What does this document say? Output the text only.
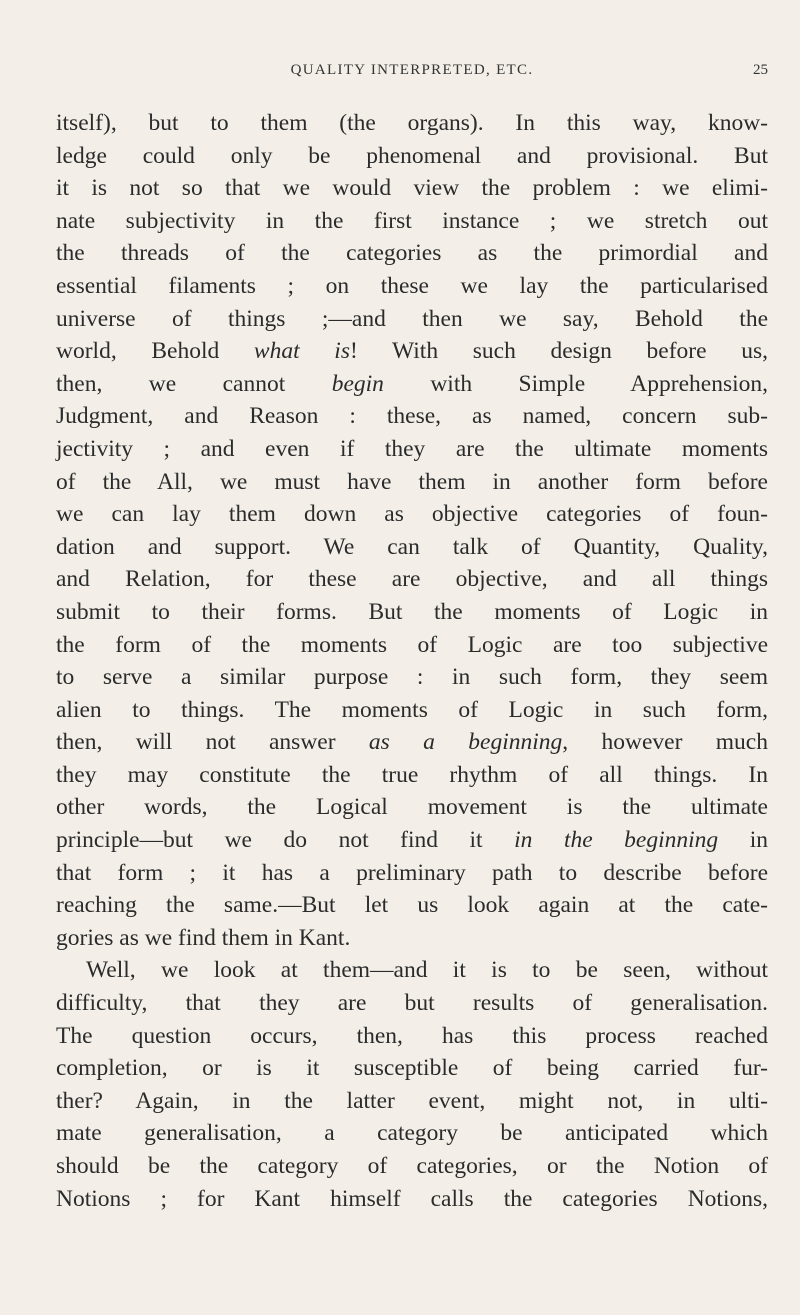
QUALITY INTERPRETED, ETC.	25
itself), but to them (the organs). In this way, know-
ledge could only be phenomenal and provisional. But
it is not so that we would view the problem : we elimi-
nate subjectivity in the first instance ; we stretch out
the threads of the categories as the primordial and
essential filaments ; on these we lay the particularised
universe of things ;—and then we say, Behold the
world, Behold what is! With such design before us,
then, we cannot begin with Simple Apprehension,
Judgment, and Reason : these, as named, concern sub-
jectivity ; and even if they are the ultimate moments
of the All, we must have them in another form before
we can lay them down as objective categories of foun-
dation and support. We can talk of Quantity, Quality,
and Relation, for these are objective, and all things
submit to their forms. But the moments of Logic in
the form of the moments of Logic are too subjective
to serve a similar purpose : in such form, they seem
alien to things. The moments of Logic in such form,
then, will not answer as a beginning, however much
they may constitute the true rhythm of all things. In
other words, the Logical movement is the ultimate
principle—but we do not find it in the beginning in
that form ; it has a preliminary path to describe before
reaching the same.—But let us look again at the cate-
gories as we find them in Kant.
Well, we look at them—and it is to be seen, without
difficulty, that they are but results of generalisation.
The question occurs, then, has this process reached
completion, or is it susceptible of being carried fur-
ther? Again, in the latter event, might not, in ulti-
mate generalisation, a category be anticipated which
should be the category of categories, or the Notion of
Notions ; for Kant himself calls the categories Notions,
